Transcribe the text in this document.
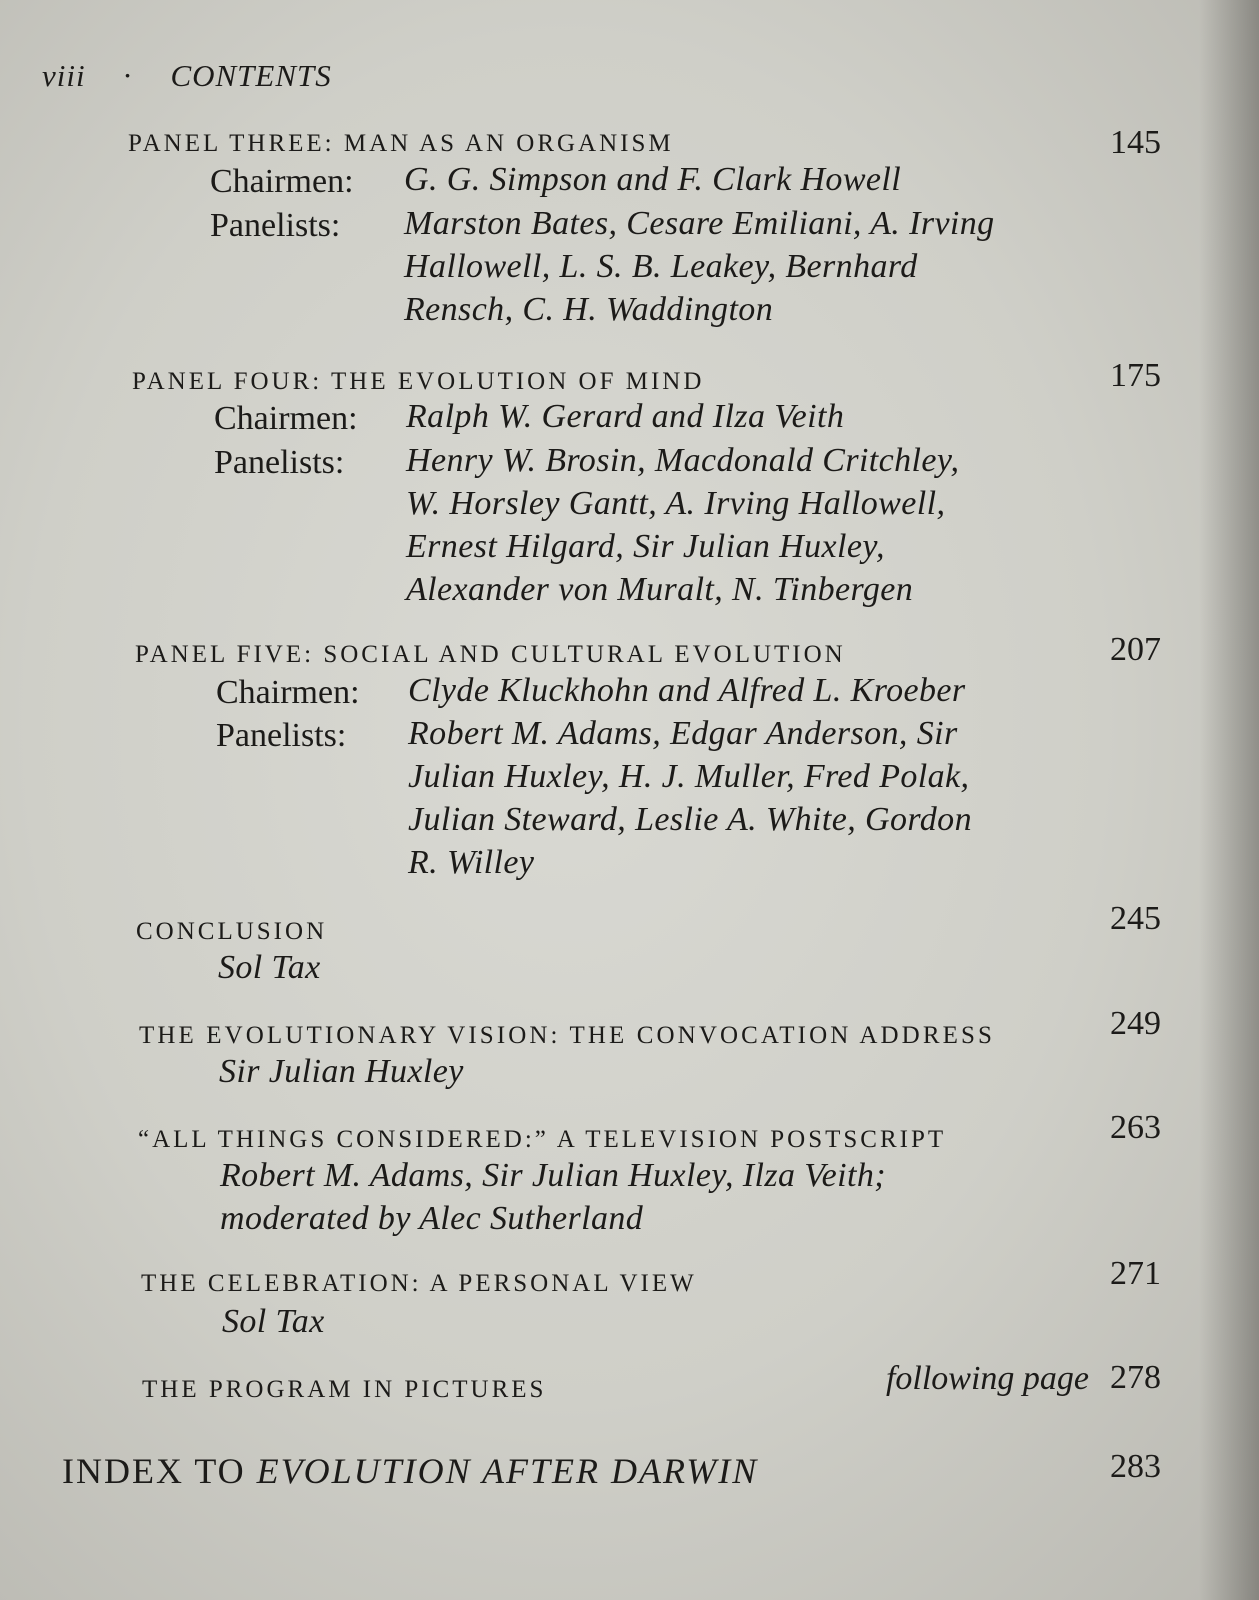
viii · CONTENTS
PANEL THREE: MAN AS AN ORGANISM	145
Chairmen: G. G. Simpson and F. Clark Howell
Panelists: Marston Bates, Cesare Emiliani, A. Irving
Hallowell, L. S. B. Leakey, Bernhard
Rensch, C. H. Waddington
PANEL FOUR: THE EVOLUTION OF MIND	175
Chairmen: Ralph W. Gerard and Ilza Veith
Panelists: Henry W. Brosin, Macdonald Critchley,
W. Horsley Gantt, A. Irving Hallowell,
Ernest Hilgard, Sir Julian Huxley,
Alexander von Muralt, N. Tinbergen
PANEL FIVE: SOCIAL AND CULTURAL EVOLUTION	207
Chairmen: Clyde Kluckhohn and Alfred L. Kroeber
Panelists: Robert M. Adams, Edgar Anderson, Sir
Julian Huxley, H. J. Muller, Fred Polak,
Julian Steward, Leslie A. White, Gordon
R. Willey
CONCLUSION	245
Sol Tax
THE EVOLUTIONARY VISION: THE CONVOCATION ADDRESS	249
Sir Julian Huxley
“ALL THINGS CONSIDERED:” A TELEVISION POSTSCRIPT	263
Robert M. Adams, Sir Julian Huxley, Ilza Veith;
moderated by Alec Sutherland
THE CELEBRATION: A PERSONAL VIEW	271
Sol Tax
THE PROGRAM IN PICTURES	following page 278
INDEX TO EVOLUTION AFTER DARWIN	283
